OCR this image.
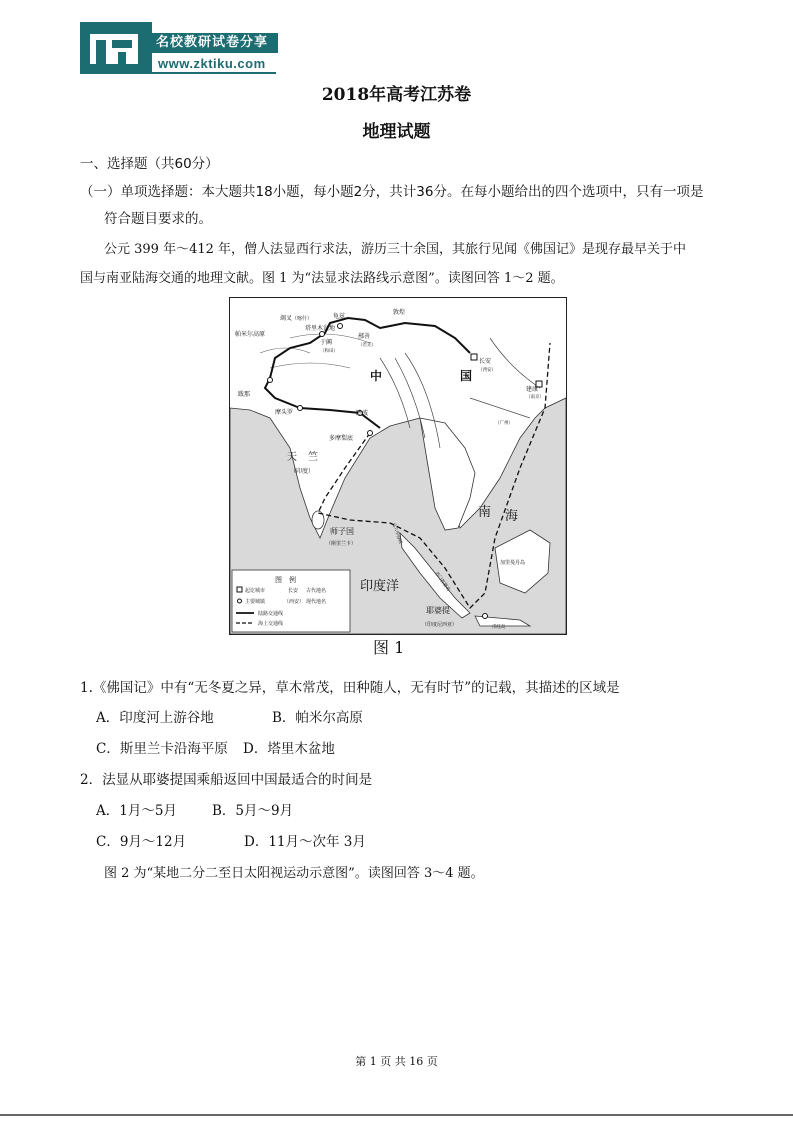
名校教研试卷分享
www.zktiku.com
2018年高考江苏卷
地理试题
一、选择题（共60分）
（一）单项选择题：本大题共18小题，每小题2分，共计36分。在每小题给出的四个选项中，只有一项是
符合题目要求的。
公元 399 年～412 年，僧人法显西行求法，游历三十余国，其旅行见闻《佛国记》是现存最早关于中
国与南亚陆海交通的地理文献。图 1 为“法显求法路线示意图”。读图回答 1～2 题。
竭叉 （喀什）	龟兹
塔里木盆地
帕米尔高原
于阗
（和田）
敦煌
鄯善
（若羌）
长安
（西安）
中	国
建康
（南京）
（广州）
跋那
摩头罗	瞻波
多摩梨底
天 竺
（印度）
师子国
（斯里兰卡）
南 海
加里曼丹岛
马六甲海峡
苏门答腊岛
印度洋
耶婆提
（印度尼西亚）	爪哇岛
图　例
起讫城市	长安 古代地名
主要城镇	（西安） 现代地名
陆路交通线
海上交通线
图 1
1.《佛国记》中有“无冬夏之异，草木常茂，田种随人，无有时节”的记载，其描述的区域是
A．印度河上游谷地	B．帕米尔高原
C．斯里兰卡沿海平原 D．塔里木盆地
2．法显从耶婆提国乘船返回中国最适合的时间是
A．1月～5月	B．5月～9月
C．9月～12月	D．11月～次年 3月
图 2 为“某地二分二至日太阳视运动示意图”。读图回答 3～4 题。
第 1 页 共 16 页
